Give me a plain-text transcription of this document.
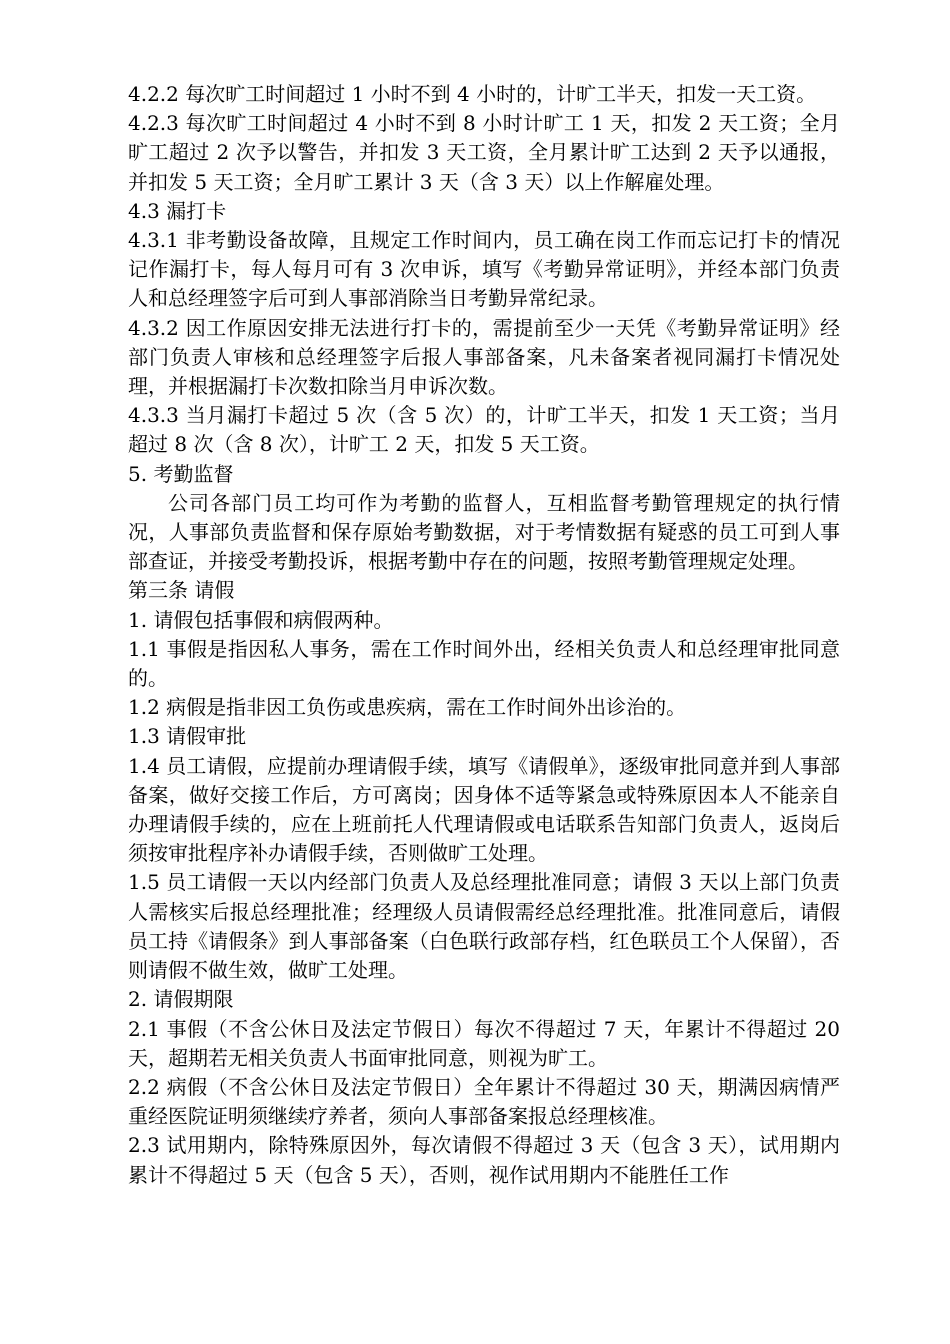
4.2.2 每次旷工时间超过 1 小时不到 4 小时的，计旷工半天，扣发一天工资。

4.2.3 每次旷工时间超过 4 小时不到 8 小时计旷工 1 天，扣发 2 天工资；全月旷工超过 2 次予以警告，并扣发 3 天工资，全月累计旷工达到 2 天予以通报，并扣发 5 天工资；全月旷工累计 3 天（含 3 天）以上作解雇处理。

4.3 漏打卡

4.3.1 非考勤设备故障，且规定工作时间内，员工确在岗工作而忘记打卡的情况记作漏打卡，每人每月可有 3 次申诉，填写《考勤异常证明》，并经本部门负责人和总经理签字后可到人事部消除当日考勤异常纪录。

4.3.2 因工作原因安排无法进行打卡的，需提前至少一天凭《考勤异常证明》经部门负责人审核和总经理签字后报人事部备案，凡未备案者视同漏打卡情况处理，并根据漏打卡次数扣除当月申诉次数。

4.3.3 当月漏打卡超过 5 次（含 5 次）的，计旷工半天，扣发 1 天工资；当月超过 8 次（含 8 次），计旷工 2 天，扣发 5 天工资。

5. 考勤监督

公司各部门员工均可作为考勤的监督人，互相监督考勤管理规定的执行情况，人事部负责监督和保存原始考勤数据，对于考情数据有疑惑的员工可到人事部查证，并接受考勤投诉，根据考勤中存在的问题，按照考勤管理规定处理。

第三条 请假

1. 请假包括事假和病假两种。

1.1 事假是指因私人事务，需在工作时间外出，经相关负责人和总经理审批同意的。

1.2 病假是指非因工负伤或患疾病，需在工作时间外出诊治的。

1.3 请假审批

1.4 员工请假，应提前办理请假手续，填写《请假单》，逐级审批同意并到人事部备案，做好交接工作后，方可离岗；因身体不适等紧急或特殊原因本人不能亲自办理请假手续的，应在上班前托人代理请假或电话联系告知部门负责人，返岗后须按审批程序补办请假手续，否则做旷工处理。

1.5 员工请假一天以内经部门负责人及总经理批准同意；请假 3 天以上部门负责人需核实后报总经理批准；经理级人员请假需经总经理批准。批准同意后，请假员工持《请假条》到人事部备案（白色联行政部存档，红色联员工个人保留），否则请假不做生效，做旷工处理。

2. 请假期限

2.1 事假（不含公休日及法定节假日）每次不得超过 7 天，年累计不得超过 20 天，超期若无相关负责人书面审批同意，则视为旷工。

2.2 病假（不含公休日及法定节假日）全年累计不得超过 30 天，期满因病情严重经医院证明须继续疗养者，须向人事部备案报总经理核准。

2.3 试用期内，除特殊原因外，每次请假不得超过 3 天（包含 3 天），试用期内累计不得超过 5 天（包含 5 天），否则，视作试用期内不能胜任工作
